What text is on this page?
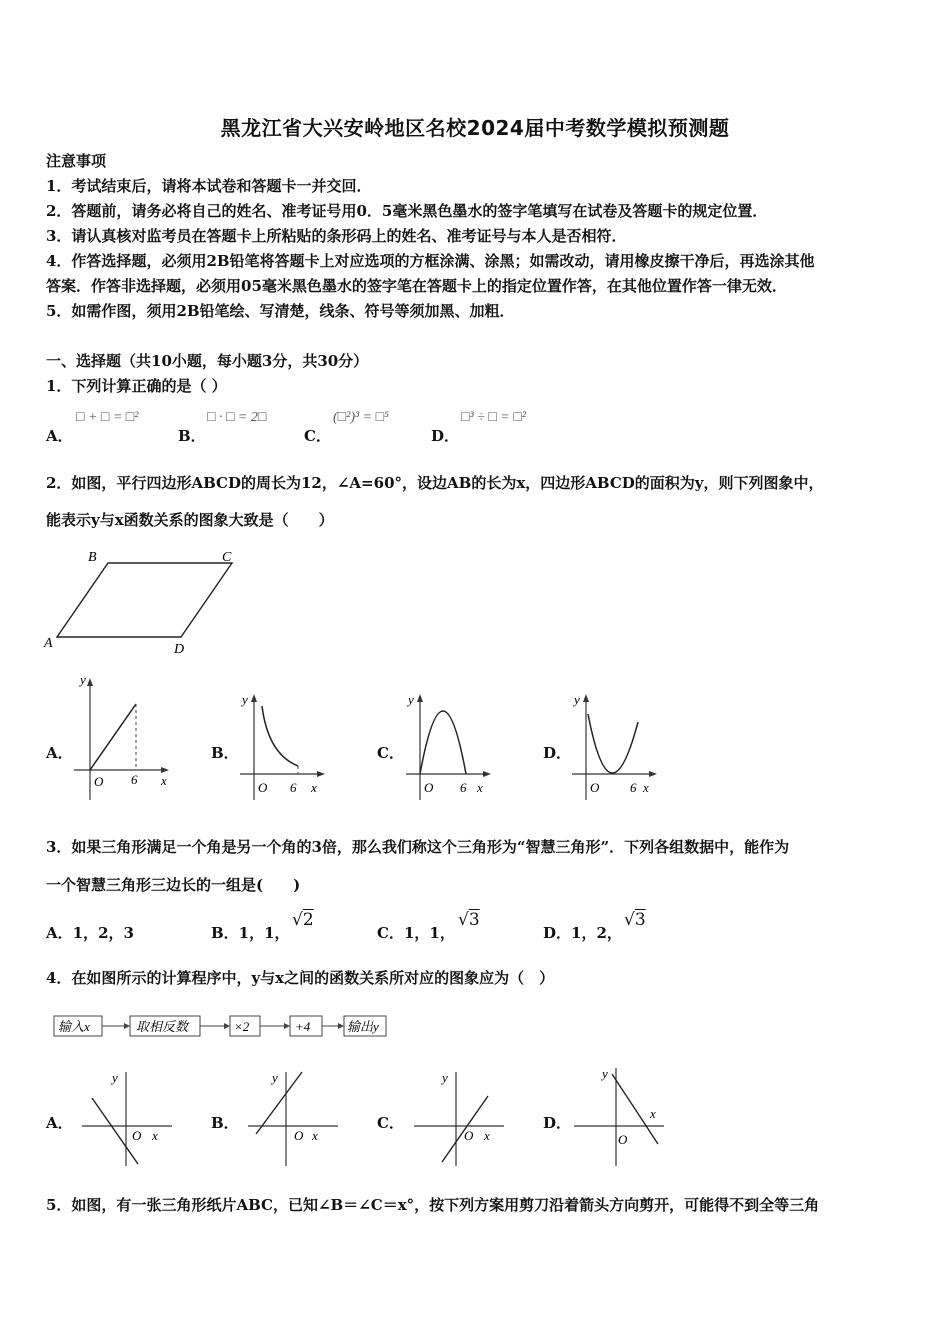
黑龙江省大兴安岭地区名校2024届中考数学模拟预测题
注意事项
1．考试结束后，请将本试卷和答题卡一并交回．
2．答题前，请务必将自己的姓名、准考证号用0．5毫米黑色墨水的签字笔填写在试卷及答题卡的规定位置．
3．请认真核对监考员在答题卡上所粘贴的条形码上的姓名、准考证号与本人是否相符．
4．作答选择题，必须用2B铅笔将答题卡上对应选项的方框涂满、涂黑；如需改动，请用橡皮擦干净后，再选涂其他
答案．作答非选择题，必须用05毫米黑色墨水的签字笔在答题卡上的指定位置作答，在其他位置作答一律无效．
5．如需作图，须用2B铅笔绘、写清楚，线条、符号等须加黑、加粗．
一、选择题（共10小题，每小题3分，共30分）
1．下列计算正确的是（ ）
A．
□ + □ = □²
B．
□ · □ = 2□
C．
(□²)³ = □⁵
D．
□³ ÷ □ = □²
2．如图，平行四边形ABCD的周长为12，∠A=60°，设边AB的长为x，四边形ABCD的面积为y，则下列图象中，
能表示y与x函数关系的图象大致是（　　）
B	C
A	D
A．	B．	C．	D．
y
O 6 x
y
O 6 x
y
O 6 x
y
O 6 x
3．如果三角形满足一个角是另一个角的3倍，那么我们称这个三角形为“智慧三角形”．下列各组数据中，能作为
一个智慧三角形三边长的一组是(　　)
A．1，2，3	B．1，1，
√2
C．1，1，
√3
D．1，2，
√3
4．在如图所示的计算程序中，y与x之间的函数关系所对应的图象应为（　）
输入x	取相反数	×2	+4	输出y
A．	B．	C．	D．
y
O x
y
O x
y
O x
y
O
x
5．如图，有一张三角形纸片ABC，已知∠B＝∠C＝x°，按下列方案用剪刀沿着箭头方向剪开，可能得不到全等三角
